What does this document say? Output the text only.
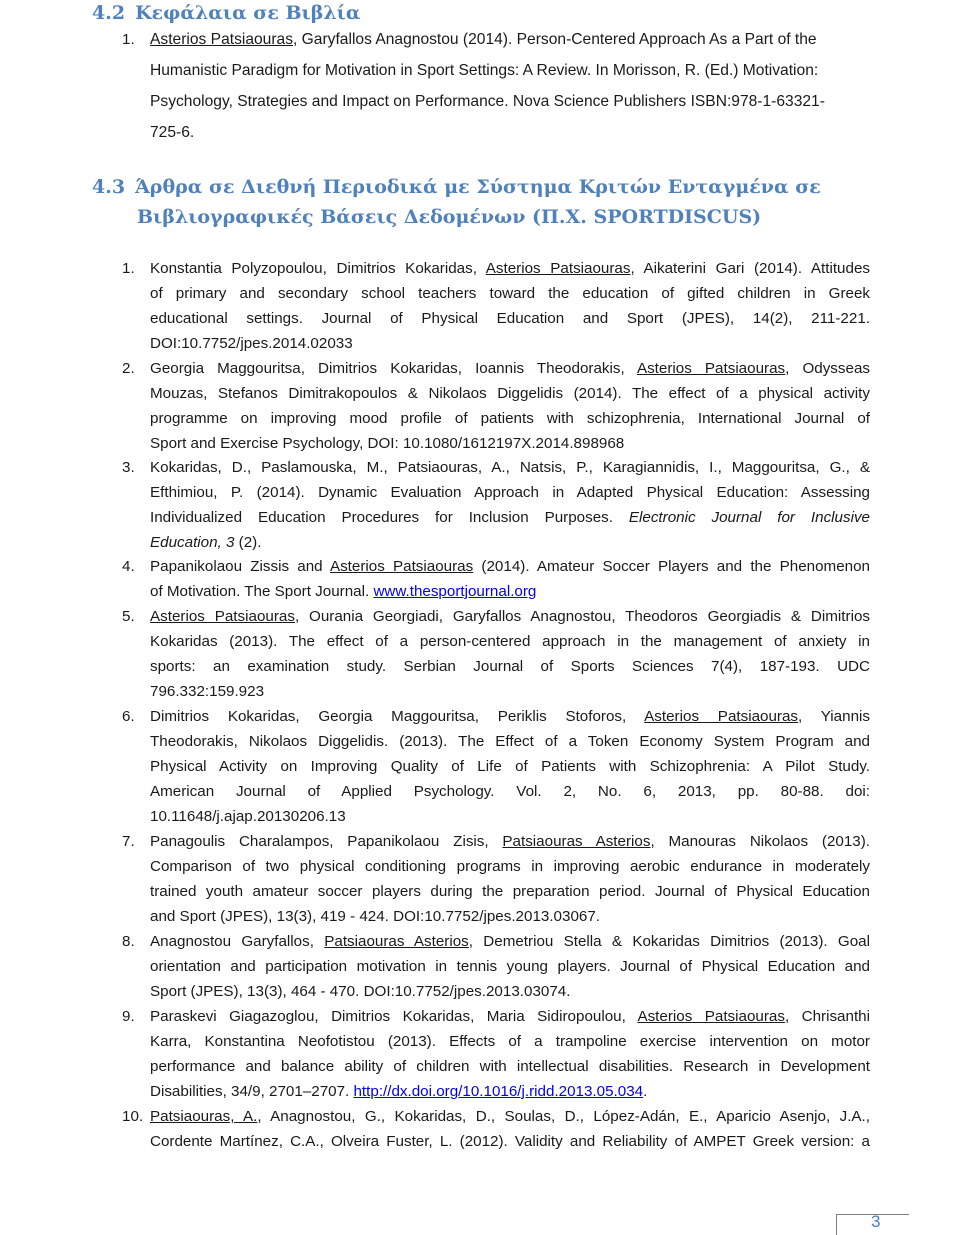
4.2 Κεφάλαια σε Βιβλία
1. Asterios Patsiaouras, Garyfallos Anagnostou (2014). Person-Centered Approach As a Part of the
Humanistic Paradigm for Motivation in Sport Settings: A Review. In Morisson, R. (Ed.) Motivation:
Psychology, Strategies and Impact on Performance. Nova Science Publishers ISBN:978-1-63321-
725-6.
4.3 Άρθρα σε Διεθνή Περιοδικά με Σύστημα Κριτών Ενταγμένα σε
Βιβλιογραφικές Βάσεις Δεδομένων (Π.Χ. SPORTDISCUS)
1. Konstantia Polyzopoulou, Dimitrios Kokaridas, Asterios Patsiaouras, Aikaterini Gari (2014). Attitudes
of primary and secondary school teachers toward the education of gifted children in Greek
educational settings. Journal of Physical Education and Sport (JPES), 14(2), 211-221.
DOI:10.7752/jpes.2014.02033
2. Georgia Maggouritsa, Dimitrios Kokaridas, Ioannis Theodorakis, Asterios Patsiaouras, Odysseas
Mouzas, Stefanos Dimitrakopoulos & Nikolaos Diggelidis (2014). The effect of a physical activity
programme on improving mood profile of patients with schizophrenia, International Journal of
Sport and Exercise Psychology, DOI: 10.1080/1612197X.2014.898968
3. Kokaridas, D., Paslamouska, M., Patsiaouras, A., Natsis, P., Karagiannidis, I., Maggouritsa, G., &
Efthimiou, P. (2014). Dynamic Evaluation Approach in Adapted Physical Education: Assessing
Individualized Education Procedures for Inclusion Purposes. Electronic Journal for Inclusive
Education, 3 (2).
4. Papanikolaou Zissis and Asterios Patsiaouras (2014). Amateur Soccer Players and the Phenomenon
of Motivation. The Sport Journal. www.thesportjournal.org
5. Asterios Patsiaouras, Ourania Georgiadi, Garyfallos Anagnostou, Theodoros Georgiadis & Dimitrios
Kokaridas (2013). The effect of a person-centered approach in the management of anxiety in
sports: an examination study. Serbian Journal of Sports Sciences 7(4), 187-193. UDC
796.332:159.923
6. Dimitrios Kokaridas, Georgia Maggouritsa, Periklis Stoforos, Asterios Patsiaouras, Yiannis
Theodorakis, Nikolaos Diggelidis. (2013). The Effect of a Token Economy System Program and
Physical Activity on Improving Quality of Life of Patients with Schizophrenia: A Pilot Study.
American Journal of Applied Psychology. Vol. 2, No. 6, 2013, pp. 80-88. doi:
10.11648/j.ajap.20130206.13
7. Panagoulis Charalampos, Papanikolaou Zisis, Patsiaouras Asterios, Manouras Nikolaos (2013).
Comparison of two physical conditioning programs in improving aerobic endurance in moderately
trained youth amateur soccer players during the preparation period. Journal of Physical Education
and Sport (JPES), 13(3), 419 - 424. DOI:10.7752/jpes.2013.03067.
8. Anagnostou Garyfallos, Patsiaouras Asterios, Demetriou Stella & Kokaridas Dimitrios (2013). Goal
orientation and participation motivation in tennis young players. Journal of Physical Education and
Sport (JPES), 13(3), 464 - 470. DOI:10.7752/jpes.2013.03074.
9. Paraskevi Giagazoglou, Dimitrios Kokaridas, Maria Sidiropoulou, Asterios Patsiaouras, Chrisanthi
Karra, Konstantina Neofotistou (2013). Effects of a trampoline exercise intervention on motor
performance and balance ability of children with intellectual disabilities. Research in Development
Disabilities, 34/9, 2701–2707. http://dx.doi.org/10.1016/j.ridd.2013.05.034.
10. Patsiaouras, A., Anagnostou, G., Kokaridas, D., Soulas, D., López-Adán, E., Aparicio Asenjo, J.A.,
Cordente Martínez, C.A., Olveira Fuster, L. (2012). Validity and Reliability of AMPET Greek version: a
3
